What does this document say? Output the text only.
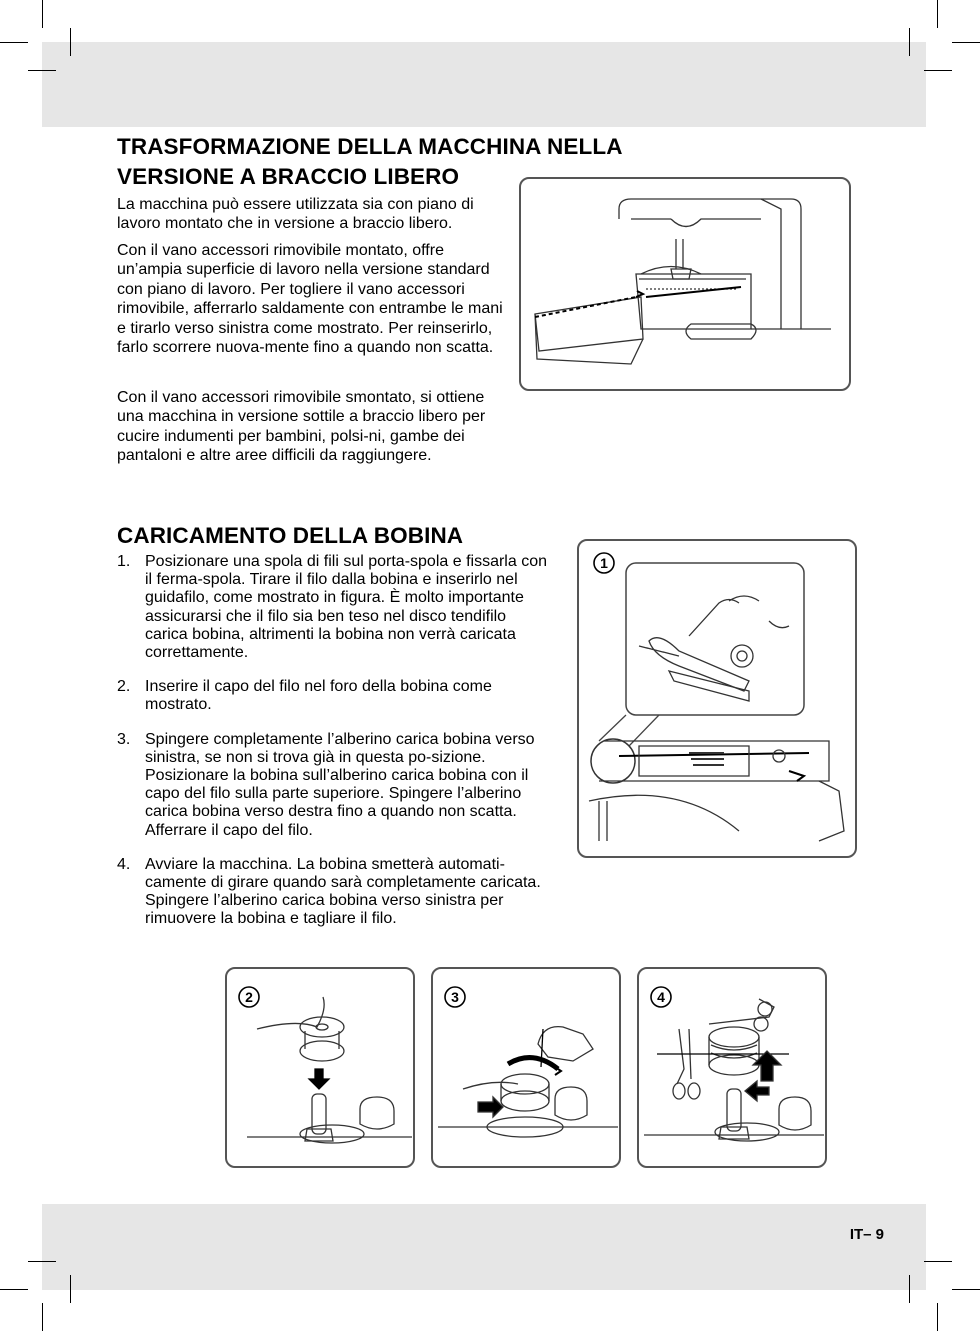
TRASFORMAZIONE DELLA MACCHINA NELLA
VERSIONE A BRACCIO LIBERO

La macchina può essere utilizzata sia con piano di lavoro montato che in versione a braccio libero.

Con il vano accessori rimovibile montato, offre un’ampia superficie di lavoro nella versione standard con piano di lavoro. Per togliere il vano accessori rimovibile, afferrarlo saldamente con entrambe le mani e tirarlo verso sinistra come mostrato. Per reinserirlo, farlo scorrere nuova-mente fino a quando non scatta.

Con il vano accessori rimovibile smontato, si ottiene una macchina in versione sottile a braccio libero per cucire indumenti per bambini, polsi-ni, gambe dei pantaloni e altre aree difficili da raggiungere.

CARICAMENTO DELLA BOBINA
1. Posizionare una spola di fili sul porta-spola e fissarla con il ferma-spola. Tirare il filo dalla bobina e inserirlo nel guidafilo, come mostrato in figura. È molto importante assicurarsi che il filo sia ben teso nel disco tendifilo carica bobina, altrimenti la bobina non verrà caricata correttamente.
2. Inserire il capo del filo nel foro della bobina come mostrato.
3. Spingere completamente l’alberino carica bobina verso sinistra, se non si trova già in questa po-sizione. Posizionare la bobina sull’alberino carica bobina con il capo del filo sulla parte superiore. Spingere l’alberino carica bobina verso destra fino a quando non scatta. Afferrare il capo del filo.
4. Avviare la macchina. La bobina smetterà automati-camente di girare quando sarà completamente caricata. Spingere l’alberino carica bobina verso sinistra per rimuovere la bobina e tagliare il filo.
1
2	3	4
IT– 9
